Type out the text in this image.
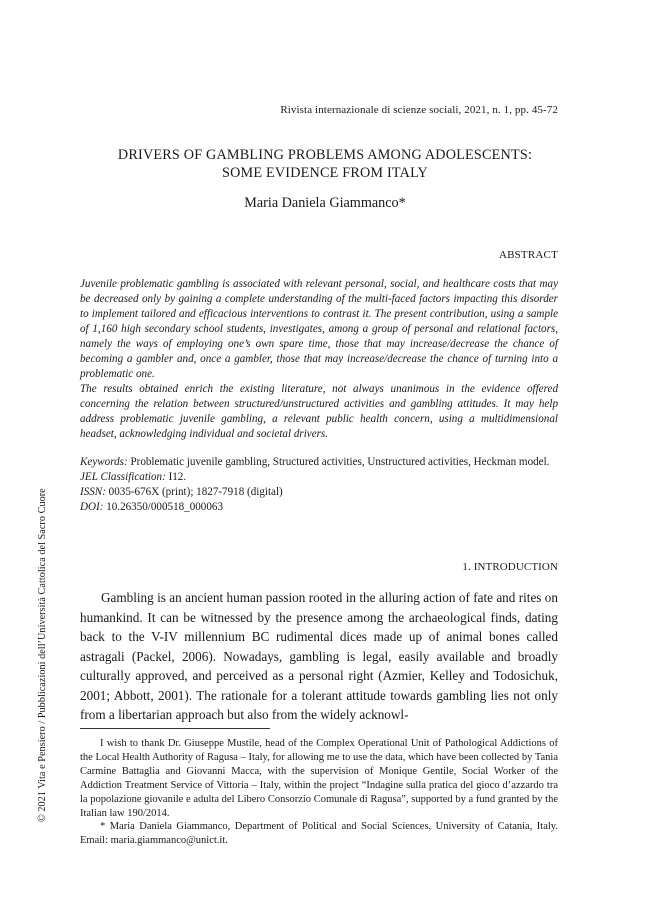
Rivista internazionale di scienze sociali, 2021, n. 1, pp. 45-72
DRIVERS OF GAMBLING PROBLEMS AMONG ADOLESCENTS:
SOME EVIDENCE FROM ITALY
Maria Daniela Giammanco*
ABSTRACT

Juvenile problematic gambling is associated with relevant personal, social, and healthcare costs that may be decreased only by gaining a complete understanding of the multi-faced factors impacting this disorder to implement tailored and efficacious interventions to contrast it. The present contribution, using a sample of 1,160 high secondary school students, investigates, among a group of personal and relational factors, namely the ways of employing one’s own spare time, those that may increase/decrease the chance of becoming a gambler and, once a gambler, those that may increase/decrease the chance of turning into a problematic one.

The results obtained enrich the existing literature, not always unanimous in the evidence offered concerning the relation between structured/unstructured activities and gambling attitudes. It may help address problematic juvenile gambling, a relevant public health concern, using a multidimensional headset, acknowledging individual and societal drivers.

Keywords: Problematic juvenile gambling, Structured activities, Unstructured activities, Heckman model.

JEL Classification: I12.

ISSN: 0035-676X (print); 1827-7918 (digital)

DOI: 10.26350/000518_000063

1. INTRODUCTION

Gambling is an ancient human passion rooted in the alluring action of fate and rites on humankind. It can be witnessed by the presence among the archaeological finds, dating back to the V-IV millennium BC rudimental dices made up of animal bones called astragali (Packel, 2006). Nowadays, gambling is legal, easily available and broadly culturally approved, and perceived as a personal right (Azmier, Kelley and Todosichuk, 2001; Abbott, 2001). The rationale for a tolerant attitude towards gambling lies not only from a libertarian approach but also from the widely acknowl-

I wish to thank Dr. Giuseppe Mustile, head of the Complex Operational Unit of Pathological Addictions of the Local Health Authority of Ragusa – Italy, for allowing me to use the data, which have been collected by Tania Carmine Battaglia and Giovanni Macca, with the supervision of Monique Gentile, Social Worker of the Addiction Treatment Service of Vittoria – Italy, within the project “Indagine sulla pratica del gioco d’azzardo tra la popolazione giovanile e adulta del Libero Consorzio Comunale di Ragusa”, supported by a fund granted by the Italian law 190/2014.

* Maria Daniela Giammanco, Department of Political and Social Sciences, University of Catania, Italy. Email: maria.giammanco@unict.it.

© 2021 Vita e Pensiero / Pubblicazioni dell’Università Cattolica del Sacro Cuore
